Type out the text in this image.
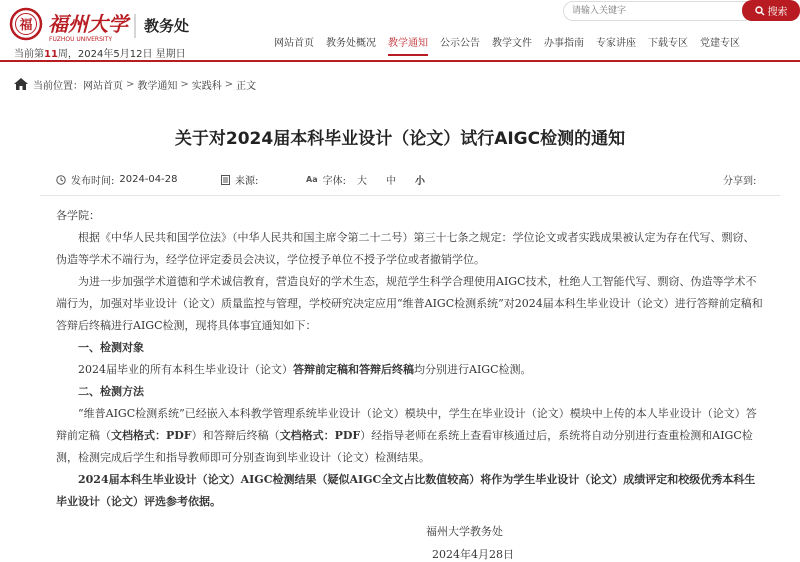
福 福州大学
FUZHOU UNIVERSITY
教务处
当前第11周，2024年5月12日 星期日
请输入关键字
搜索
网站首页	教务处概况	教学通知	公示公告	教学文件	办事指南	专家讲座	下载专区	党建专区
当前位置： 网站首页 > 教学通知 > 实践科 > 正文
关于对2024届本科毕业设计（论文）试行AIGC检测的通知
发布时间: 2024-04-28	来源:	Aa 字体: 大 中 小	分享到:

各学院：

根据《中华人民共和国学位法》（中华人民共和国主席令第二十二号）第三十七条之规定：学位论文或者实践成果被认定为存在代写、剽窃、伪造等学术不端行为，经学位评定委员会决议，学位授予单位不授予学位或者撤销学位。

为进一步加强学术道德和学术诚信教育，营造良好的学术生态，规范学生科学合理使用AIGC技术，杜绝人工智能代写、剽窃、伪造等学术不端行为，加强对毕业设计（论文）质量监控与管理，学校研究决定应用“维普AIGC检测系统”对2024届本科生毕业设计（论文）进行答辩前定稿和答辩后终稿进行AIGC检测，现将具体事宜通知如下：

一、检测对象

2024届毕业的所有本科生毕业设计（论文）答辩前定稿和答辩后终稿均分别进行AIGC检测。

二、检测方法

“维普AIGC检测系统”已经嵌入本科教学管理系统毕业设计（论文）模块中，学生在毕业设计（论文）模块中上传的本人毕业设计（论文）答辩前定稿（文档格式：PDF）和答辩后终稿（文档格式：PDF）经指导老师在系统上查看审核通过后，系统将自动分别进行查重检测和AIGC检测，检测完成后学生和指导教师即可分别查询到毕业设计（论文）检测结果。

2024届本科生毕业设计（论文）AIGC检测结果（疑似AIGC全文占比数值较高）将作为学生毕业设计（论文）成绩评定和校级优秀本科生毕业设计（论文）评选参考依据。

福州大学教务处
2024年4月28日
